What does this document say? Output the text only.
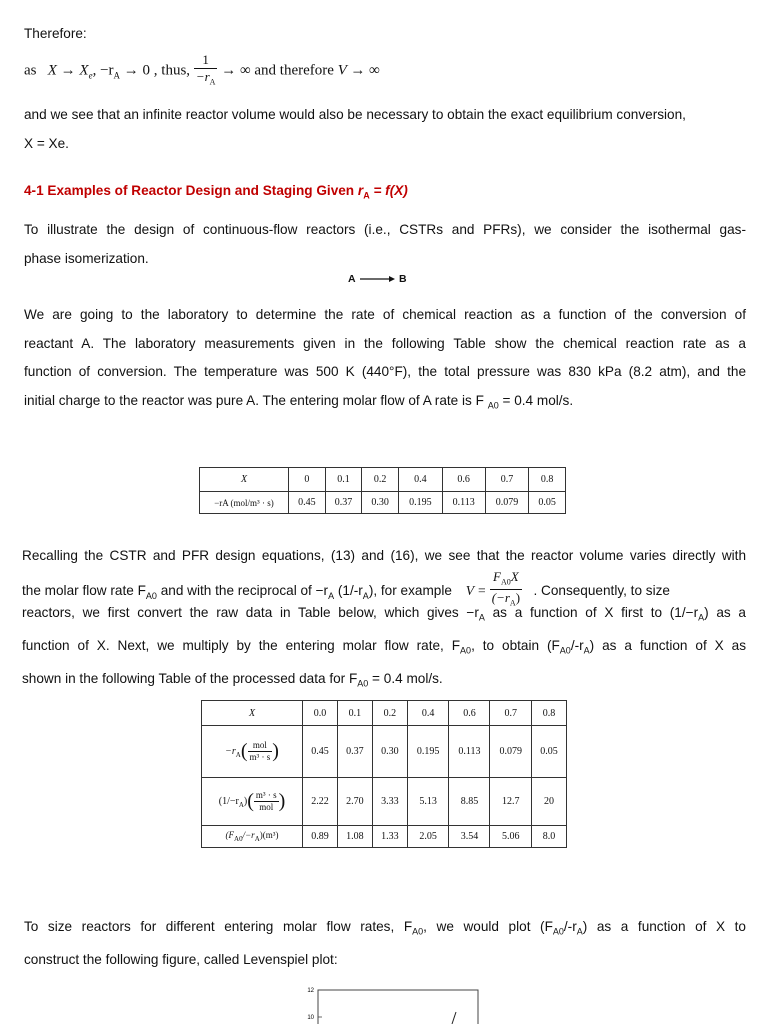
Therefore:
as $X \to X_e$, $-r_A \to 0$ , thus, $\frac{1}{-r_A}$ → ∞ and therefore V → ∞
and we see that an infinite reactor volume would also be necessary to obtain the exact equilibrium conversion,
X = Xe.
4-1 Examples of Reactor Design and Staging Given $r_A = f(X)$
To illustrate the design of continuous-flow reactors (i.e., CSTRs and PFRs), we consider the isothermal gas-
phase isomerization.
A → B
We are going to the laboratory to determine the rate of chemical reaction as a function of the conversion of
reactant A. The laboratory measurements given in the following Table show the chemical reaction rate as a
function of conversion. The temperature was 500 K (440°F), the total pressure was 830 kPa (8.2 atm), and the
initial charge to the reactor was pure A. The entering molar flow of A rate is F $_{A0}$ = 0.4 mol/s.
X	0	0.1	0.2	0.4	0.6	0.7	0.8
−rA (mol/m³ · s)	0.45	0.37	0.30	0.195	0.113	0.079	0.05
Recalling the CSTR and PFR design equations, (13) and (16), we see that the reactor volume varies directly with
the molar flow rate $F_{A0}$ and with the reciprocal of $-r_A$ $(1/-r_A)$, for example $V = \frac{F_{A0}X}{(-r_A)}$ . Consequently, to size
reactors, we first convert the raw data in Table below, which gives $-r_A$ as a function of X first to $(1/-r_A)$ as a
function of X. Next, we multiply by the entering molar flow rate, $F_{A0}$, to obtain $(F_{A0}/-r_A)$ as a function of X as
shown in the following Table of the processed data for $F_{A0} = 0.4$ mol/s.
X	0.0	0.1	0.2	0.4	0.6	0.7	0.8
$-r_A( \frac{\text{mol}}{\text{m³ · s}}$ )	0.45	0.37	0.30	0.195	0.113	0.079	0.05
$(1/-r_A)( \frac{\text{m³ · s}}{\text{mol}}$ )	2.22	2.70	3.33	5.13	8.85	12.7	20
$(F_{A0}/-r_A)(m^3)$	0.89	1.08	1.33	2.05	3.54	5.06	8.0
To size reactors for different entering molar flow rates, $F_{A0}$, we would plot $(F_{A0}/-r_A)$ as a function of X to
construct the following figure, called Levenspiel plot:
12
10
